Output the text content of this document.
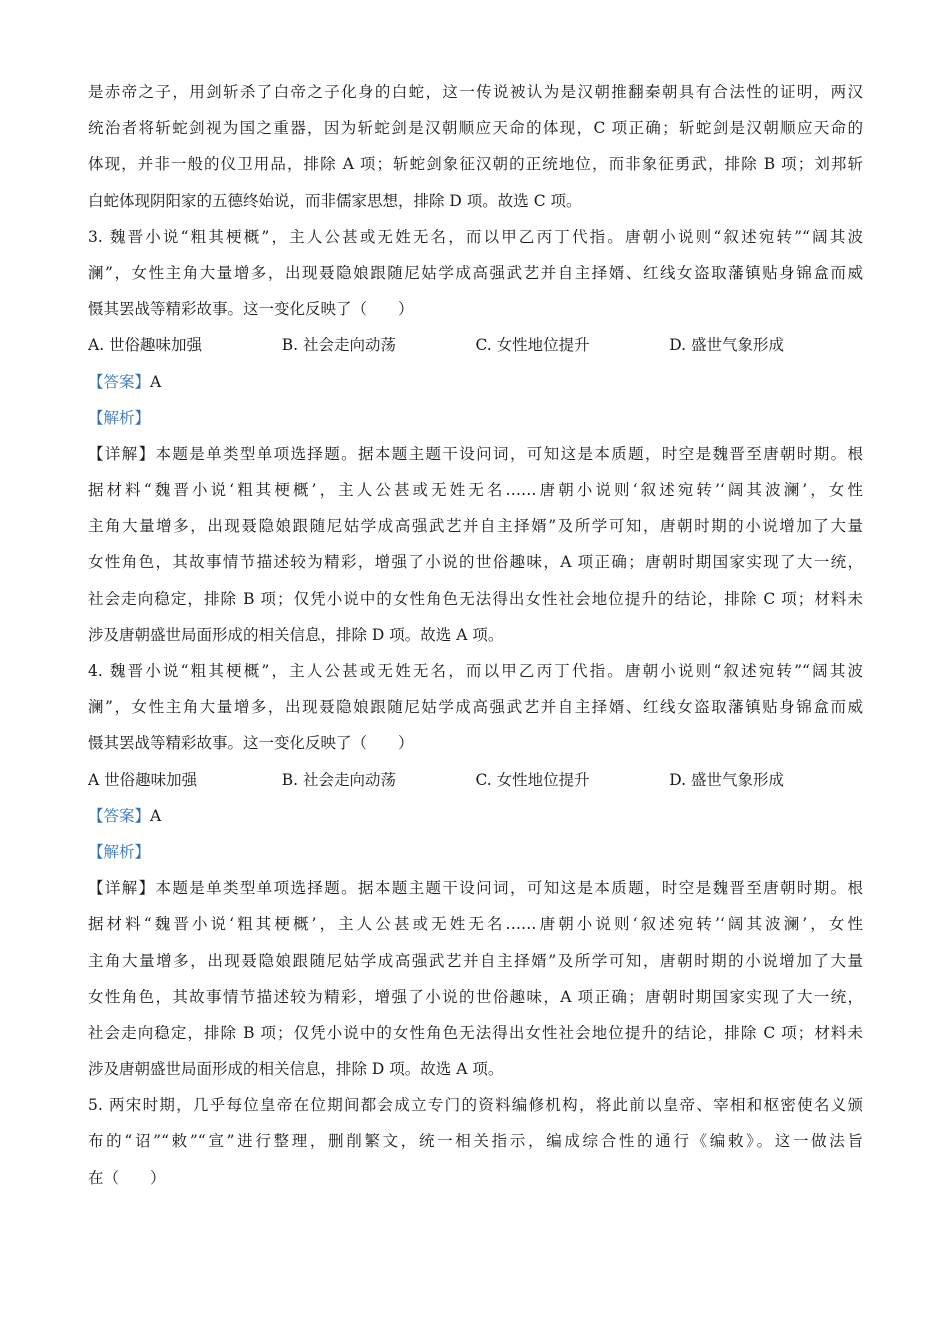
是赤帝之子，用剑斩杀了白帝之子化身的白蛇，这一传说被认为是汉朝推翻秦朝具有合法性的证明，两汉
统治者将斩蛇剑视为国之重器，因为斩蛇剑是汉朝顺应天命的体现，C 项正确；斩蛇剑是汉朝顺应天命的
体现，并非一般的仪卫用品，排除 A 项；斩蛇剑象征汉朝的正统地位，而非象征勇武，排除 B 项；刘邦斩
白蛇体现阴阳家的五德终始说，而非儒家思想，排除 D 项。故选 C 项。
3. 魏晋小说“粗其梗概”，主人公甚或无姓无名，而以甲乙丙丁代指。唐朝小说则“叙述宛转”“阔其波
澜”，女性主角大量增多，出现聂隐娘跟随尼姑学成高强武艺并自主择婿、红线女盗取藩镇贴身锦盒而威
慑其罢战等精彩故事。这一变化反映了（　　）
A. 世俗趣味加强	B. 社会走向动荡	C. 女性地位提升	D. 盛世气象形成
【答案】A
【解析】
【详解】本题是单类型单项选择题。据本题主题干设问词，可知这是本质题，时空是魏晋至唐朝时期。根
据材料“魏晋小说‘粗其梗概’，主人公甚或无姓无名……唐朝小说则‘叙述宛转’‘阔其波澜’，女性
主角大量增多，出现聂隐娘跟随尼姑学成高强武艺并自主择婿”及所学可知，唐朝时期的小说增加了大量
女性角色，其故事情节描述较为精彩，增强了小说的世俗趣味，A 项正确；唐朝时期国家实现了大一统，
社会走向稳定，排除 B 项；仅凭小说中的女性角色无法得出女性社会地位提升的结论，排除 C 项；材料未
涉及唐朝盛世局面形成的相关信息，排除 D 项。故选 A 项。
4. 魏晋小说“粗其梗概”，主人公甚或无姓无名，而以甲乙丙丁代指。唐朝小说则“叙述宛转”“阔其波
澜”，女性主角大量增多，出现聂隐娘跟随尼姑学成高强武艺并自主择婿、红线女盗取藩镇贴身锦盒而威
慑其罢战等精彩故事。这一变化反映了（　　）
A 世俗趣味加强	B. 社会走向动荡	C. 女性地位提升	D. 盛世气象形成
【答案】A
【解析】
【详解】本题是单类型单项选择题。据本题主题干设问词，可知这是本质题，时空是魏晋至唐朝时期。根
据材料“魏晋小说‘粗其梗概’，主人公甚或无姓无名……唐朝小说则‘叙述宛转’‘阔其波澜’，女性
主角大量增多，出现聂隐娘跟随尼姑学成高强武艺并自主择婿”及所学可知，唐朝时期的小说增加了大量
女性角色，其故事情节描述较为精彩，增强了小说的世俗趣味，A 项正确；唐朝时期国家实现了大一统，
社会走向稳定，排除 B 项；仅凭小说中的女性角色无法得出女性社会地位提升的结论，排除 C 项；材料未
涉及唐朝盛世局面形成的相关信息，排除 D 项。故选 A 项。
5. 两宋时期，几乎每位皇帝在位期间都会成立专门的资料编修机构，将此前以皇帝、宰相和枢密使名义颁
布的“诏”“敕”“宣”进行整理，删削繁文，统一相关指示，编成综合性的通行《编敕》。这一做法旨
在（　　）
